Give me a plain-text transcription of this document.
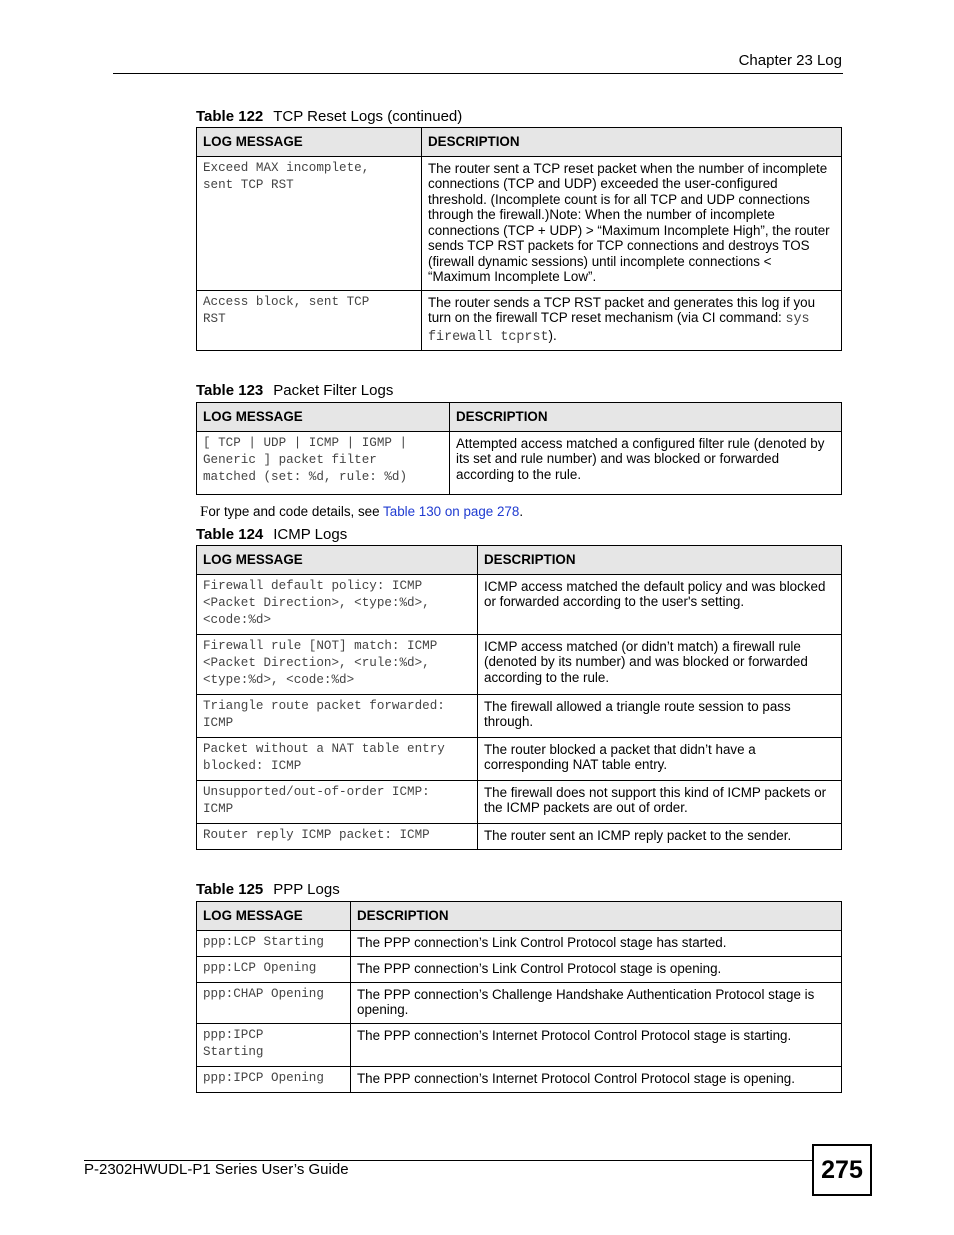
Chapter 23 Log
Table 122 TCP Reset Logs (continued)
LOG MESSAGE	DESCRIPTION
Exceed MAX incomplete,
sent TCP RST	The router sent a TCP reset packet when the number of incomplete connections (TCP and UDP) exceeded the user-configured threshold. (Incomplete count is for all TCP and UDP connections through the firewall.)Note: When the number of incomplete connections (TCP + UDP) > “Maximum Incomplete High”, the router sends TCP RST packets for TCP connections and destroys TOS (firewall dynamic sessions) until incomplete connections < “Maximum Incomplete Low”.
Access block, sent TCP
RST	The router sends a TCP RST packet and generates this log if you turn on the firewall TCP reset mechanism (via CI command: sys firewall tcprst).
Table 123 Packet Filter Logs
LOG MESSAGE	DESCRIPTION
[ TCP | UDP | ICMP | IGMP |
Generic ] packet filter
matched (set: %d, rule: %d)	Attempted access matched a configured filter rule (denoted by its set and rule number) and was blocked or forwarded according to the rule.
For type and code details, see Table 130 on page 278.
Table 124 ICMP Logs
LOG MESSAGE	DESCRIPTION
Firewall default policy: ICMP
<Packet Direction>, <type:%d>,
<code:%d>	ICMP access matched the default policy and was blocked or forwarded according to the user's setting.
Firewall rule [NOT] match: ICMP
<Packet Direction>, <rule:%d>,
<type:%d>, <code:%d>	ICMP access matched (or didn’t match) a firewall rule (denoted by its number) and was blocked or forwarded according to the rule.
Triangle route packet forwarded:
ICMP	The firewall allowed a triangle route session to pass through.
Packet without a NAT table entry
blocked: ICMP	The router blocked a packet that didn’t have a corresponding NAT table entry.
Unsupported/out-of-order ICMP:
ICMP	The firewall does not support this kind of ICMP packets or the ICMP packets are out of order.
Router reply ICMP packet: ICMP	The router sent an ICMP reply packet to the sender.
Table 125 PPP Logs
LOG MESSAGE	DESCRIPTION
ppp:LCP Starting	The PPP connection’s Link Control Protocol stage has started.
ppp:LCP Opening	The PPP connection’s Link Control Protocol stage is opening.
ppp:CHAP Opening	The PPP connection’s Challenge Handshake Authentication Protocol stage is opening.
ppp:IPCP
Starting	The PPP connection’s Internet Protocol Control Protocol stage is starting.
ppp:IPCP Opening	The PPP connection’s Internet Protocol Control Protocol stage is opening.
P-2302HWUDL-P1 Series User’s Guide	275
